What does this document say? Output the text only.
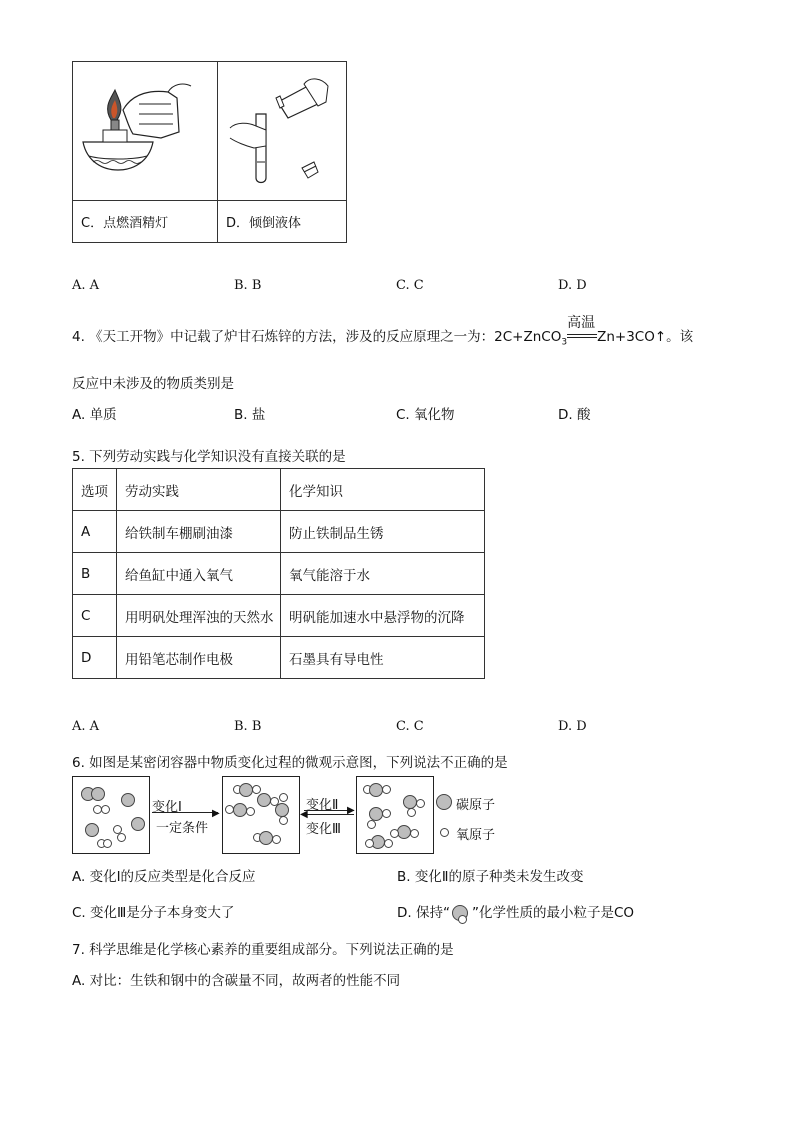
C．点燃酒精灯	D．倾倒液体
A. A	B. B	C. C	D. D
4. 《天工开物》中记载了炉甘石炼锌的方法，涉及的反应原理之一为：2C+ZnCO$_3$
高温
Zn+3CO↑。该
反应中未涉及的物质类别是
A. 单质	B. 盐	C. 氧化物	D. 酸
5. 下列劳动实践与化学知识没有直接关联的是
选项	劳动实践	化学知识
A	给铁制车棚刷油漆	防止铁制品生锈
B	给鱼缸中通入氧气	氧气能溶于水
C	用明矾处理浑浊的天然水	明矾能加速水中悬浮物的沉降
D	用铅笔芯制作电极	石墨具有导电性
A. A	B. B	C. C	D. D
6. 如图是某密闭容器中物质变化过程的微观示意图，下列说法不正确的是
变化Ⅰ	▶
一定条件
变化Ⅱ ▶
◀
变化Ⅲ
碳原子
氧原子
A. 变化Ⅰ的反应类型是化合反应	B. 变化Ⅱ的原子种类未发生改变
C. 变化Ⅲ是分子本身变大了	D. 保持“ ”化学性质的最小粒子是CO
7. 科学思维是化学核心素养的重要组成部分。下列说法正确的是
A. 对比：生铁和钢中的含碳量不同，故两者的性能不同
